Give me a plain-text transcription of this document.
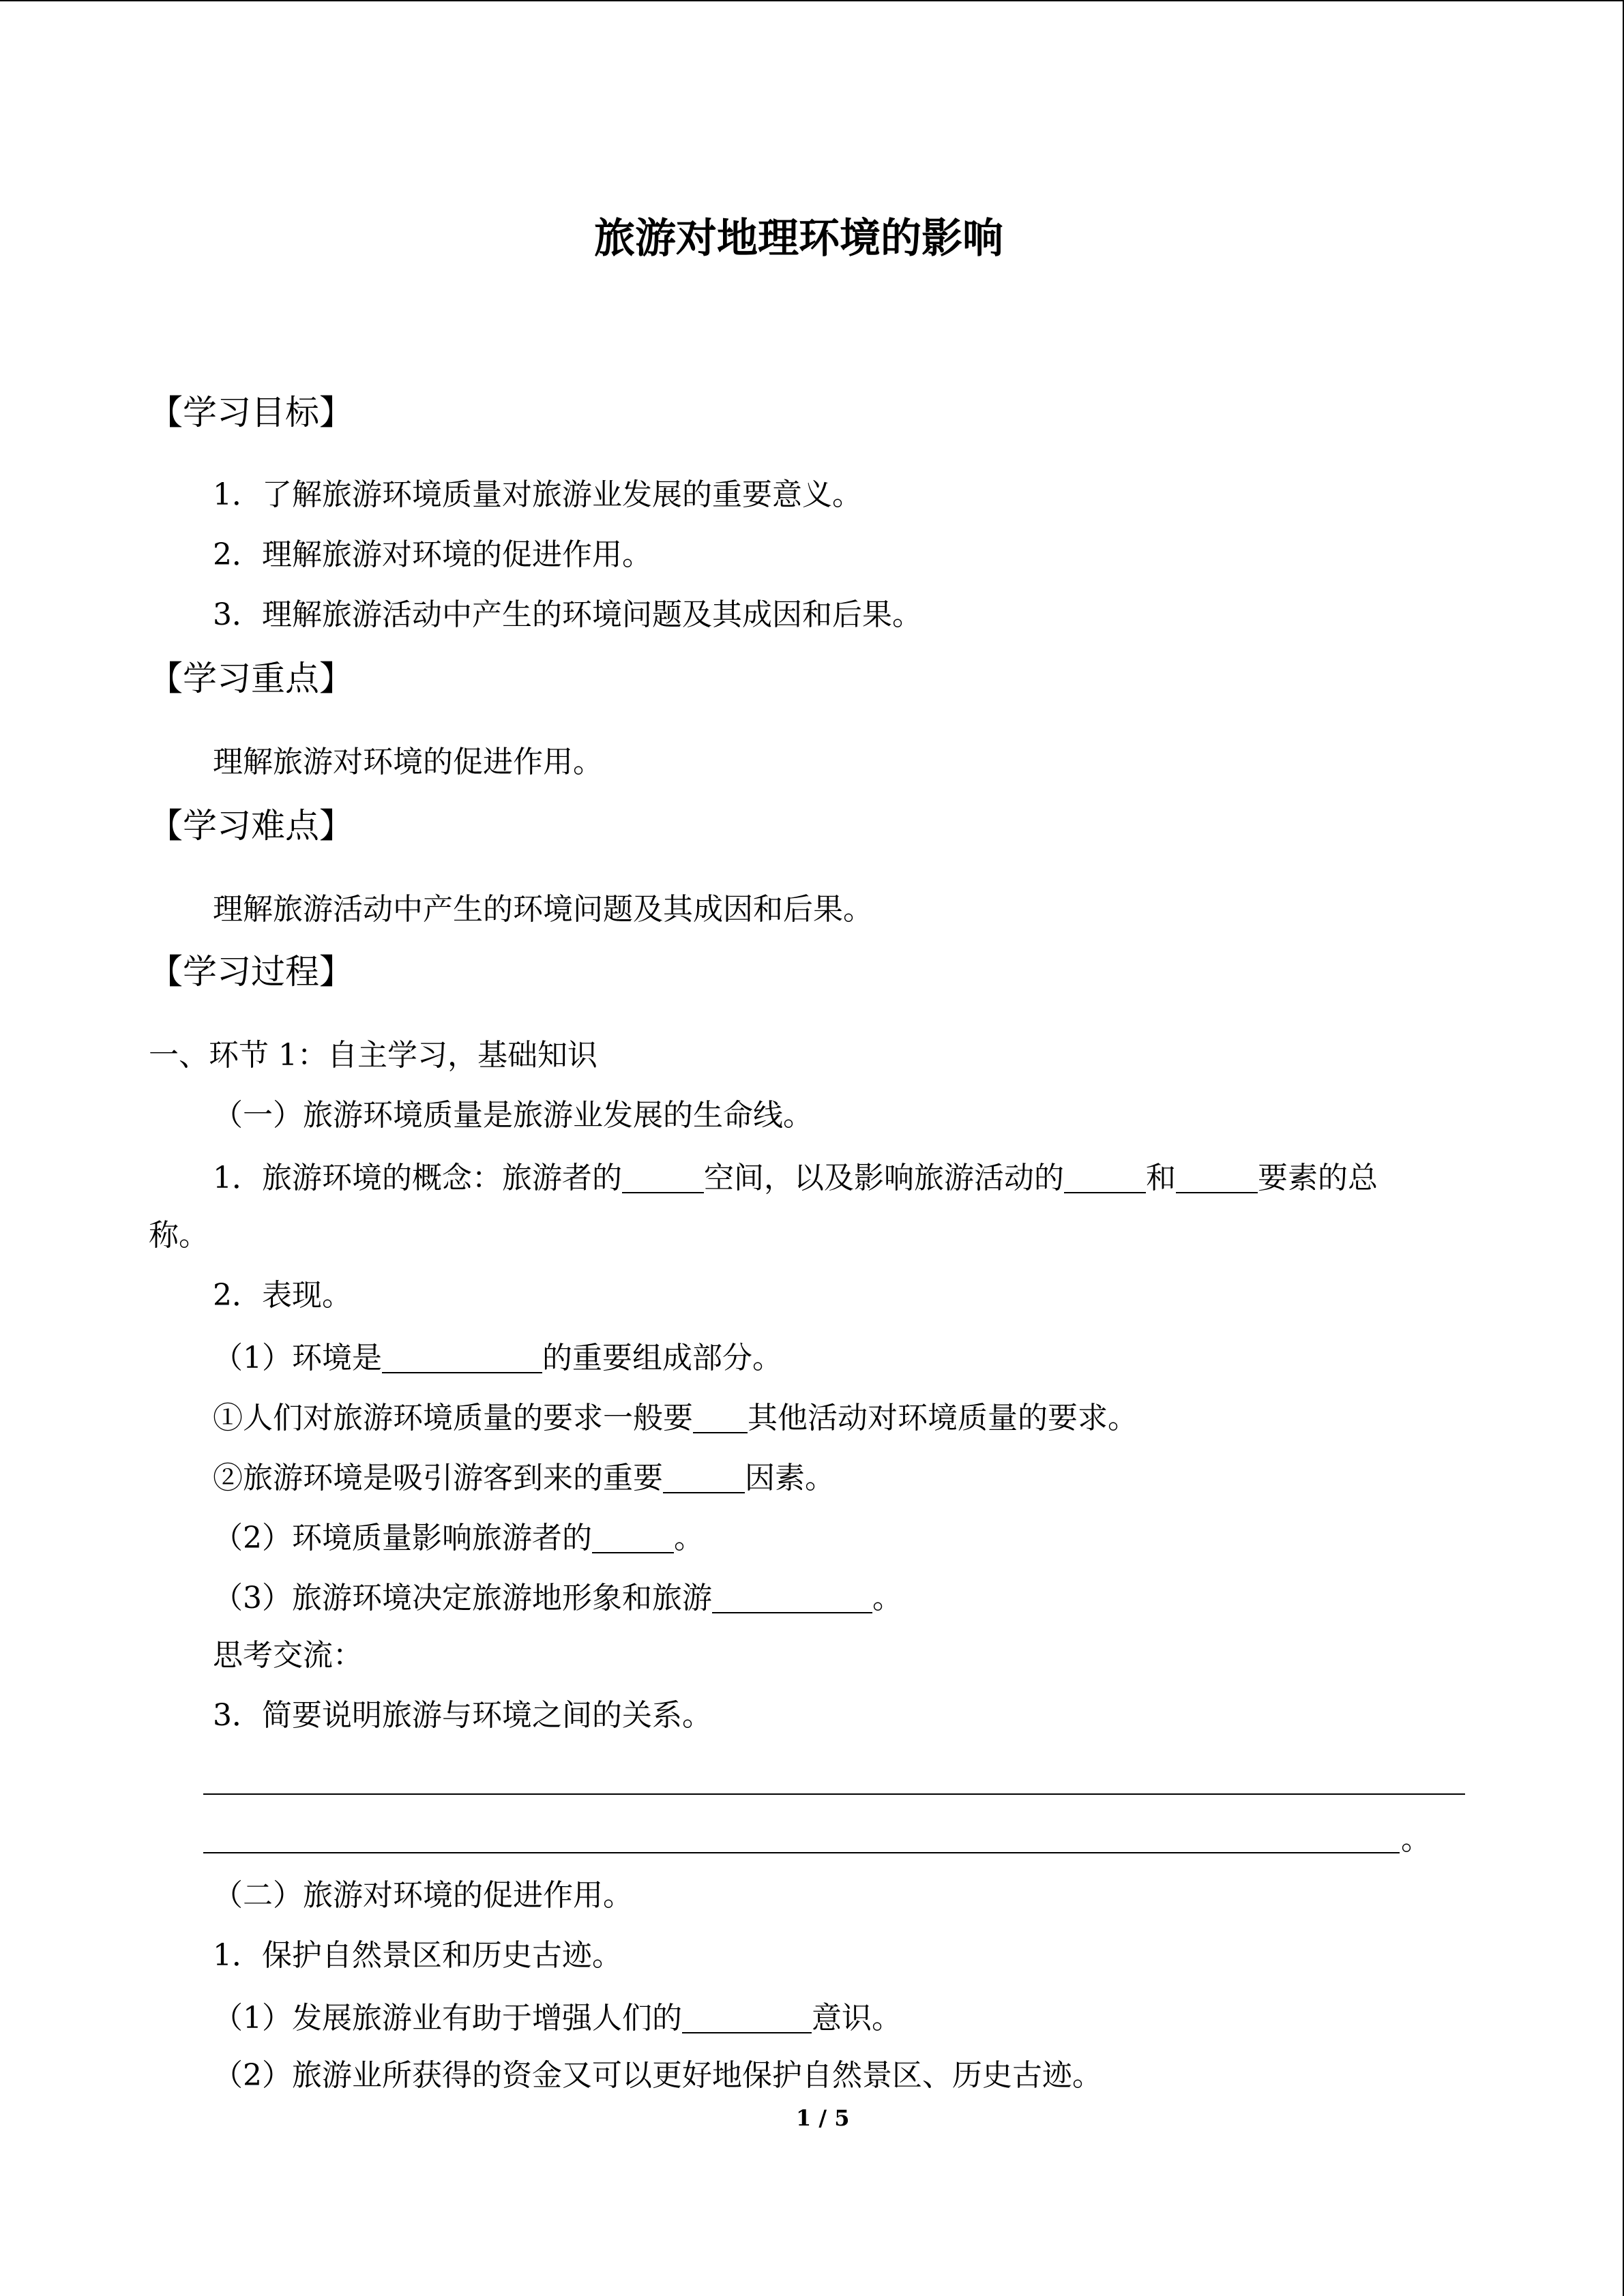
旅游对地理环境的影响
【学习目标】
1．了解旅游环境质量对旅游业发展的重要意义。
2．理解旅游对环境的促进作用。
3．理解旅游活动中产生的环境问题及其成因和后果。
【学习重点】
理解旅游对环境的促进作用。
【学习难点】
理解旅游活动中产生的环境问题及其成因和后果。
【学习过程】
一、环节 1：自主学习，基础知识
（一）旅游环境质量是旅游业发展的生命线。
1．旅游环境的概念：旅游者的	空间，以及影响旅游活动的	和	要素的总
称。
2．表现。
（1）环境是	的重要组成部分。
①人们对旅游环境质量的要求一般要 其他活动对环境质量的要求。
②旅游环境是吸引游客到来的重要	因素。
（2）环境质量影响旅游者的	。
（3）旅游环境决定旅游地形象和旅游	。
思考交流：
3．简要说明旅游与环境之间的关系。
。
（二）旅游对环境的促进作用。
1．保护自然景区和历史古迹。
（1）发展旅游业有助于增强人们的	意识。
（2）旅游业所获得的资金又可以更好地保护自然景区、历史古迹。
1 / 5
